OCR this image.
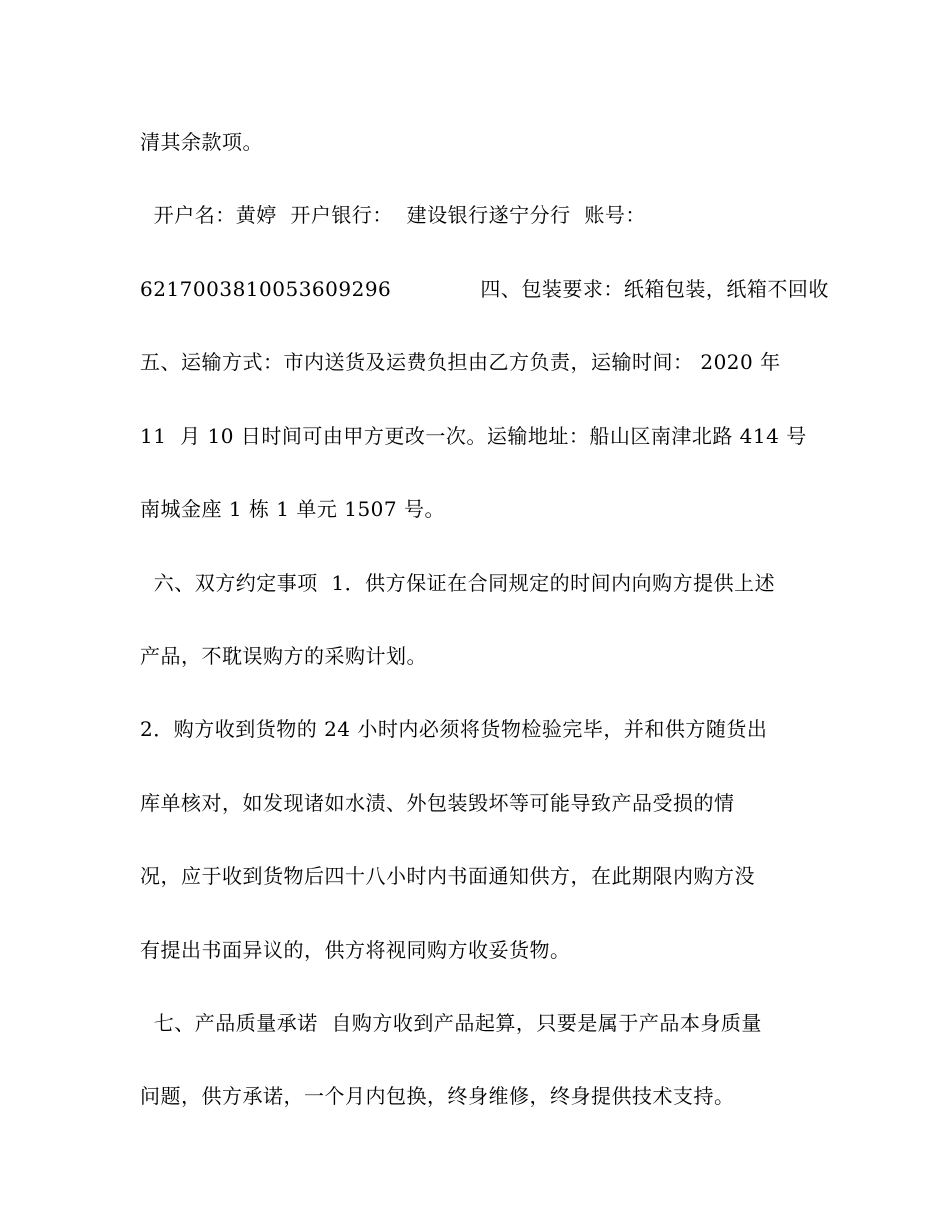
清其余款项。
开户名：黄婷  开户银行：  建设银行遂宁分行  账号：
6217003810053609296             四、包装要求：纸箱包装，纸箱不回收
五、运输方式：市内送货及运费负担由乙方负责，运输时间： 2020 年
11  月 10 日时间可由甲方更改一次。运输地址：船山区南津北路 414 号
南城金座 1 栋 1 单元 1507 号。
六、双方约定事项  1．供方保证在合同规定的时间内向购方提供上述
产品，不耽误购方的采购计划。
2．购方收到货物的 24 小时内必须将货物检验完毕，并和供方随货出
库单核对，如发现诸如水渍、外包装毁坏等可能导致产品受损的情
况，应于收到货物后四十八小时内书面通知供方，在此期限内购方没
有提出书面异议的，供方将视同购方收妥货物。
七、产品质量承诺  自购方收到产品起算，只要是属于产品本身质量
问题，供方承诺，一个月内包换，终身维修，终身提供技术支持。
